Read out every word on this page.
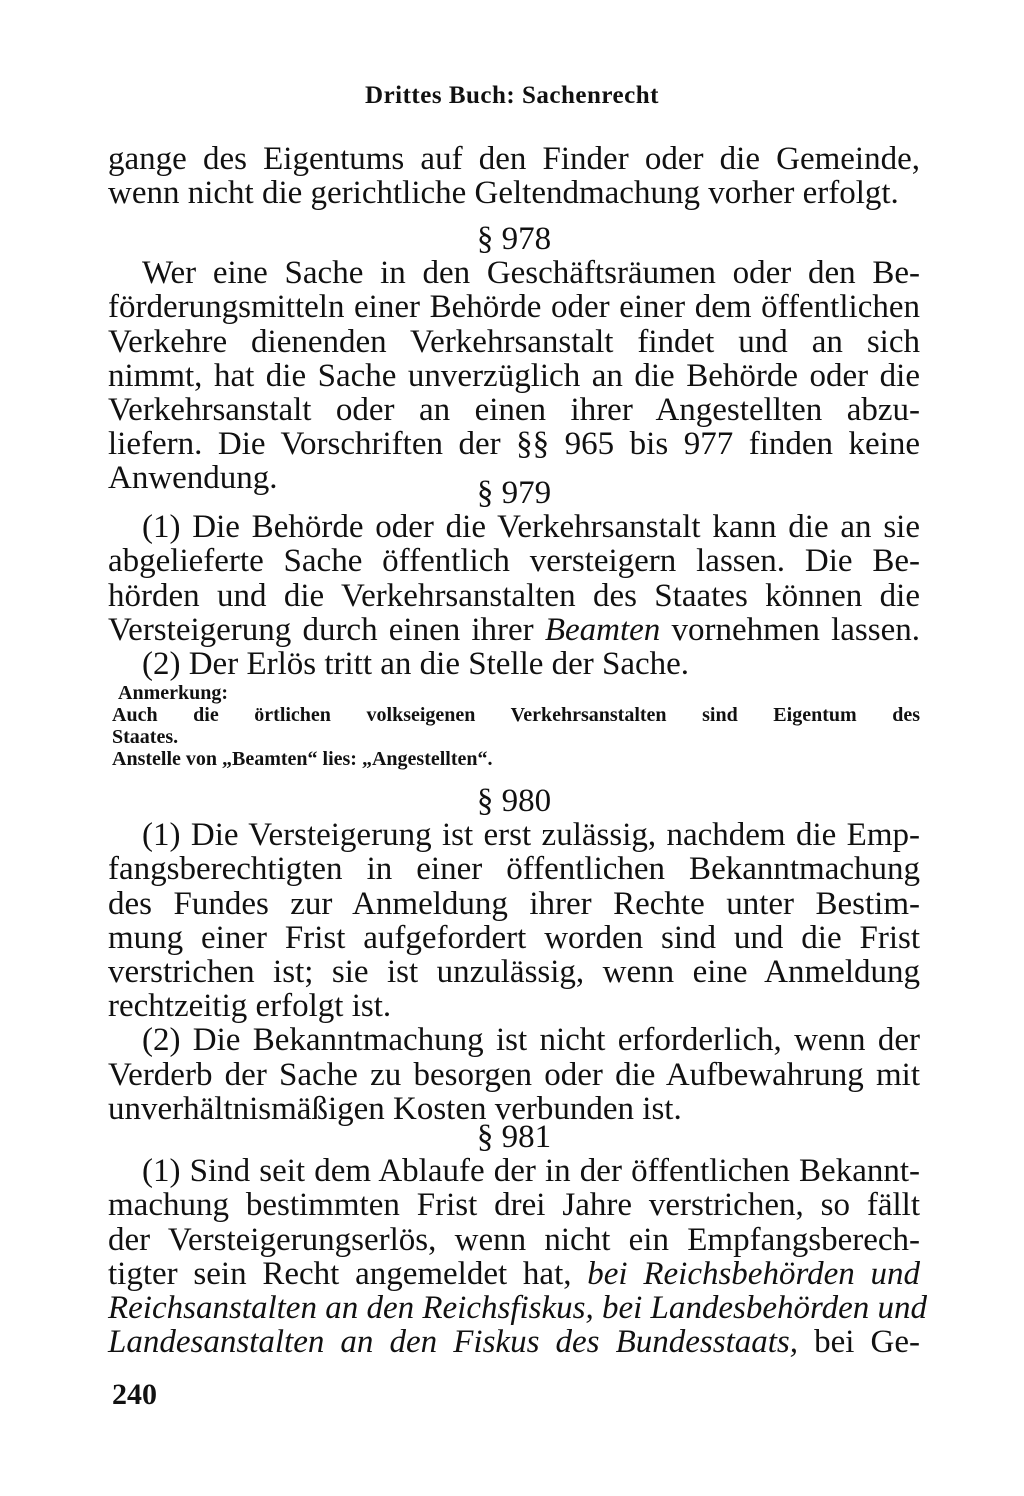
Drittes Buch: Sachenrecht
gange des Eigentums auf den Finder oder die Gemeinde,
wenn nicht die gerichtliche Geltendmachung vorher erfolgt.
§ 978
Wer eine Sache in den Geschäftsräumen oder den Be-
förderungsmitteln einer Behörde oder einer dem öffentlichen
Verkehre dienenden Verkehrsanstalt findet und an sich
nimmt, hat die Sache unverzüglich an die Behörde oder die
Verkehrsanstalt oder an einen ihrer Angestellten abzu-
liefern. Die Vorschriften der §§ 965 bis 977 finden keine
Anwendung.	§ 979
(1) Die Behörde oder die Verkehrsanstalt kann die an sie
abgelieferte Sache öffentlich versteigern lassen. Die Be-
hörden und die Verkehrsanstalten des Staates können die
Versteigerung durch einen ihrer Beamten vornehmen lassen.
(2) Der Erlös tritt an die Stelle der Sache.
Anmerkung:
Auch die örtlichen volkseigenen Verkehrsanstalten sind Eigentum des
Staates.
Anstelle von „Beamten“ lies: „Angestellten“.
§ 980
(1) Die Versteigerung ist erst zulässig, nachdem die Emp-
fangsberechtigten in einer öffentlichen Bekanntmachung
des Fundes zur Anmeldung ihrer Rechte unter Bestim-
mung einer Frist aufgefordert worden sind und die Frist
verstrichen ist; sie ist unzulässig, wenn eine Anmeldung
rechtzeitig erfolgt ist.
(2) Die Bekanntmachung ist nicht erforderlich, wenn der
Verderb der Sache zu besorgen oder die Aufbewahrung mit
unverhältnismäßigen Kosten verbunden ist.
§ 981
(1) Sind seit dem Ablaufe der in der öffentlichen Bekannt-
machung bestimmten Frist drei Jahre verstrichen, so fällt
der Versteigerungserlös, wenn nicht ein Empfangsberech-
tigter sein Recht angemeldet hat, bei Reichsbehörden und
Reichsanstalten an den Reichsfiskus, bei Landesbehörden und
Landesanstalten an den Fiskus des Bundesstaats, bei Ge-
240
